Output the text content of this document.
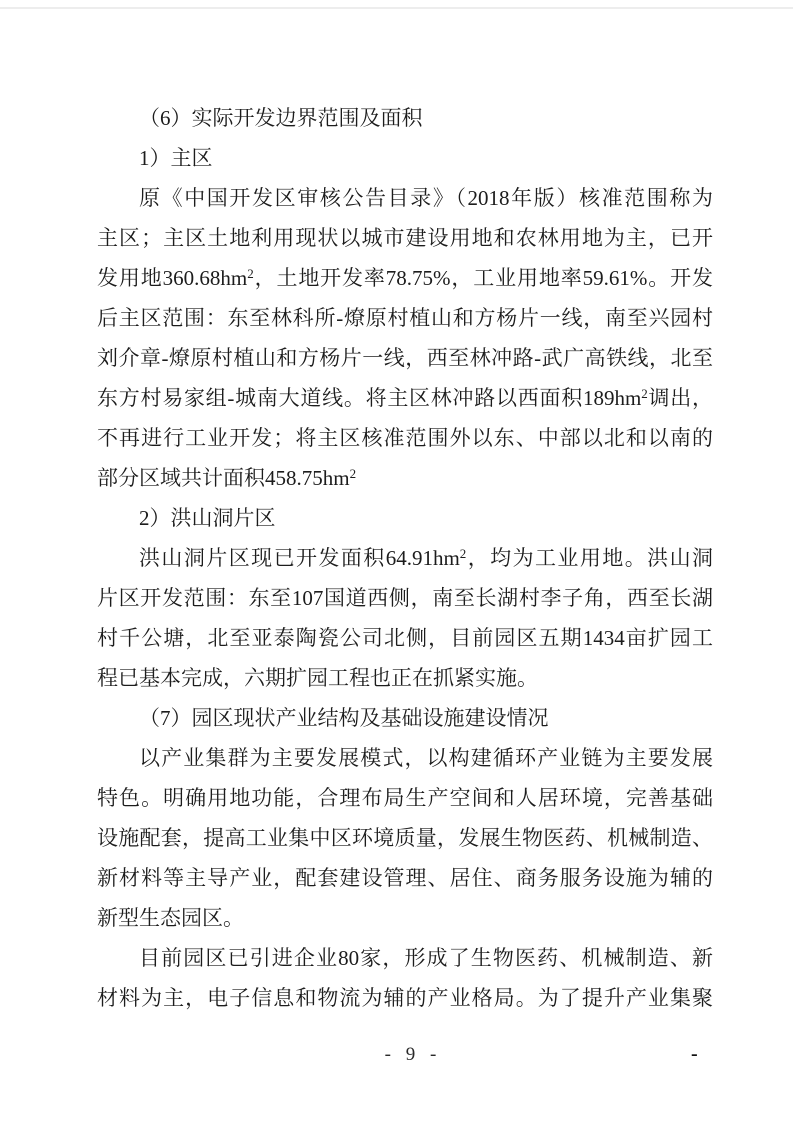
（6）实际开发边界范围及面积
1）主区
原《中国开发区审核公告目录》（2018年版）核准范围称为
主区；主区土地利用现状以城市建设用地和农林用地为主，已开
发用地$360.68hm^2$，土地开发率78.75%，工业用地率59.61%。开发
后主区范围：东至林科所-燎原村植山和方杨片一线，南至兴园村
刘介章-燎原村植山和方杨片一线，西至林冲路-武广高铁线，北至
东方村易家组-城南大道线。将主区林冲路以西面积$189hm^2$调出，
不再进行工业开发；将主区核准范围外以东、中部以北和以南的
部分区域共计面积$458.75hm^2$
2）洪山洞片区
洪山洞片区现已开发面积$64.91hm^2$，均为工业用地。洪山洞
片区开发范围：东至107国道西侧，南至长湖村李子角，西至长湖
村千公塘，北至亚泰陶瓷公司北侧，目前园区五期1434亩扩园工
程已基本完成，六期扩园工程也正在抓紧实施。
（7）园区现状产业结构及基础设施建设情况
以产业集群为主要发展模式，以构建循环产业链为主要发展
特色。明确用地功能，合理布局生产空间和人居环境，完善基础
设施配套，提高工业集中区环境质量，发展生物医药、机械制造、
新材料等主导产业，配套建设管理、居住、商务服务设施为辅的
新型生态园区。
目前园区已引进企业80家，形成了生物医药、机械制造、新
材料为主，电子信息和物流为辅的产业格局。为了提升产业集聚
- 9 -	-
